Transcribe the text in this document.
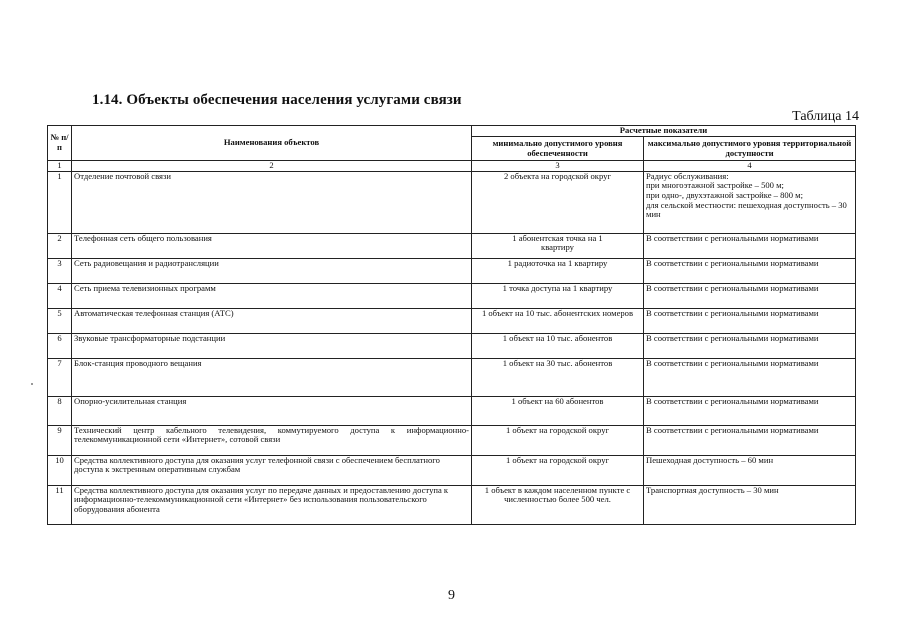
1.14. Объекты обеспечения населения услугами связи
Таблица 14
№ п/п	Наименования объектов	Расчетные показатели	
		минимально допустимого уровня обеспеченности	максимально допустимого уровня территориальной доступности
1	2	3	4
1	Отделение почтовой связи	2 объекта на городской округ	Радиус обслуживания:
при многоэтажной застройке – 500 м;
при одно-, двухэтажной застройке – 800 м;
для сельской местности: пешеходная доступность – 30 мин

2	Телефонная сеть общего пользования	1 абонентская точка на 1 квартиру	В соответствии с региональными нормативами
3	Сеть радиовещания и радиотрансляции	1 радиоточка на 1 квартиру	В соответствии с региональными нормативами
4	Сеть приема телевизионных программ	1 точка доступа на 1 квартиру	В соответствии с региональными нормативами
5	Автоматическая телефонная станция (АТС)	1 объект на 10 тыс. абонентских номеров	В соответствии с региональными нормативами
6	Звуковые трансформаторные подстанции	1 объект на 10 тыс. абонентов	В соответствии с региональными нормативами
7	Блок-станция проводного вещания	1 объект на 30 тыс. абонентов	В соответствии с региональными нормативами
8	Опорно-усилительная станция	1 объект на 60 абонентов	В соответствии с региональными нормативами
9	Технический центр кабельного телевидения, коммутируемого доступа к информационно-телекоммуникационной сети «Интернет», сотовой связи	1 объект на городской округ	В соответствии с региональными нормативами
10	Средства коллективного доступа для оказания услуг телефонной связи с обеспечением бесплатного доступа к экстренным оперативным службам	1 объект на городской округ	Пешеходная доступность – 60 мин
11	Средства коллективного доступа для оказания услуг по передаче данных и предоставлению доступа к информационно-телекоммуникационной сети «Интернет» без использования пользовательского оборудования абонента	1 объект в каждом населенном пункте с численностью более 500 чел.	Транспортная доступность – 30 мин
9
